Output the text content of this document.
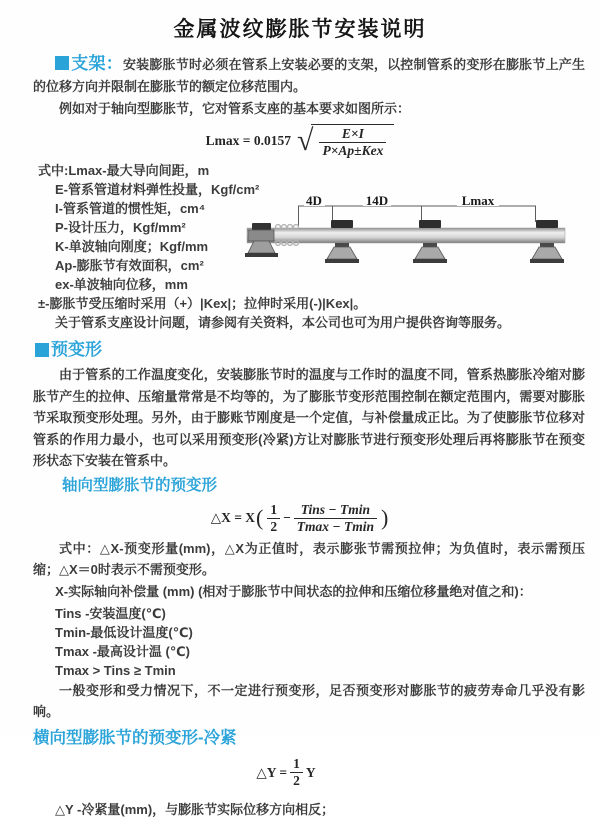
金属波纹膨胀节安装说明

支架：安装膨胀节时必须在管系上安装必要的支架，以控制管系的变形在膨胀节上产生的位移方向并限制在膨胀节的额定位移范围内。

例如对于轴向型膨胀节，它对管系支座的基本要求如图所示：

Lmax = 0.0157 √ $\frac{E\times I}{\text{P×Ap±Kex}}$
式中:Lmax-最大导向间距，m
E-管系管道材料弹性投量，Kgf/cm²
I-管系管道的惯性矩，cm⁴
P-设计压力，Kgf/mm²
K-单波轴向刚度；Kgf/mm
Ap-膨胀节有效面积，cm²
ex-单波轴向位移，mm
±-膨胀节受压缩时采用（+）|Kex|；拉伸时采用(-)|Kex|。

关于管系支座设计问题，请参阅有关资料，本公司也可为用户提供咨询等服务。

4D	14D	Lmax
预变形

由于管系的工作温度变化，安装膨胀节时的温度与工作时的温度不同，管系热膨胀冷缩对膨胀节产生的拉伸、压缩量常常是不均等的，为了膨胀节变形范围控制在额定范围内，需要对膨胀节采取预变形处理。另外，由于膨账节刚度是一个定值，与补偿量成正比。为了使膨胀节位移对管系的作用力最小，也可以采用预变形(冷紧)方让对膨胀节进行预变形处理后再将膨胀节在预变形状态下安装在管系中。

轴向型膨胀节的预变形
△X = X ( $\frac{1}{2} - \frac{\text{Tins − Tmin}}{Tmax - Tmin}$ )

式中：△X-预变形量(mm)，△X为正值时，表示膨张节需预拉伸；为负值时，表示需预压缩；△X＝0时表示不需预变形。

X-实际轴向补偿量 (mm) (相对于膨胀节中间状态的拉伸和压缩位移量绝对值之和)：

Tins -安装温度(℃)
Tmin-最低设计温度(℃)
Tmax -最高设计温 (℃)
Tmax > Tins ≥ Tmin

一般变形和受力情况下，不一定进行预变形，足否预变形对膨胀节的疲劳寿命几乎没有影响。

横向型膨胀节的预变形-冷紧
△Y = $\frac{1}{2}$ Y

△Y -冷紧量(mm)，与膨胀节实际位移方向相反；
